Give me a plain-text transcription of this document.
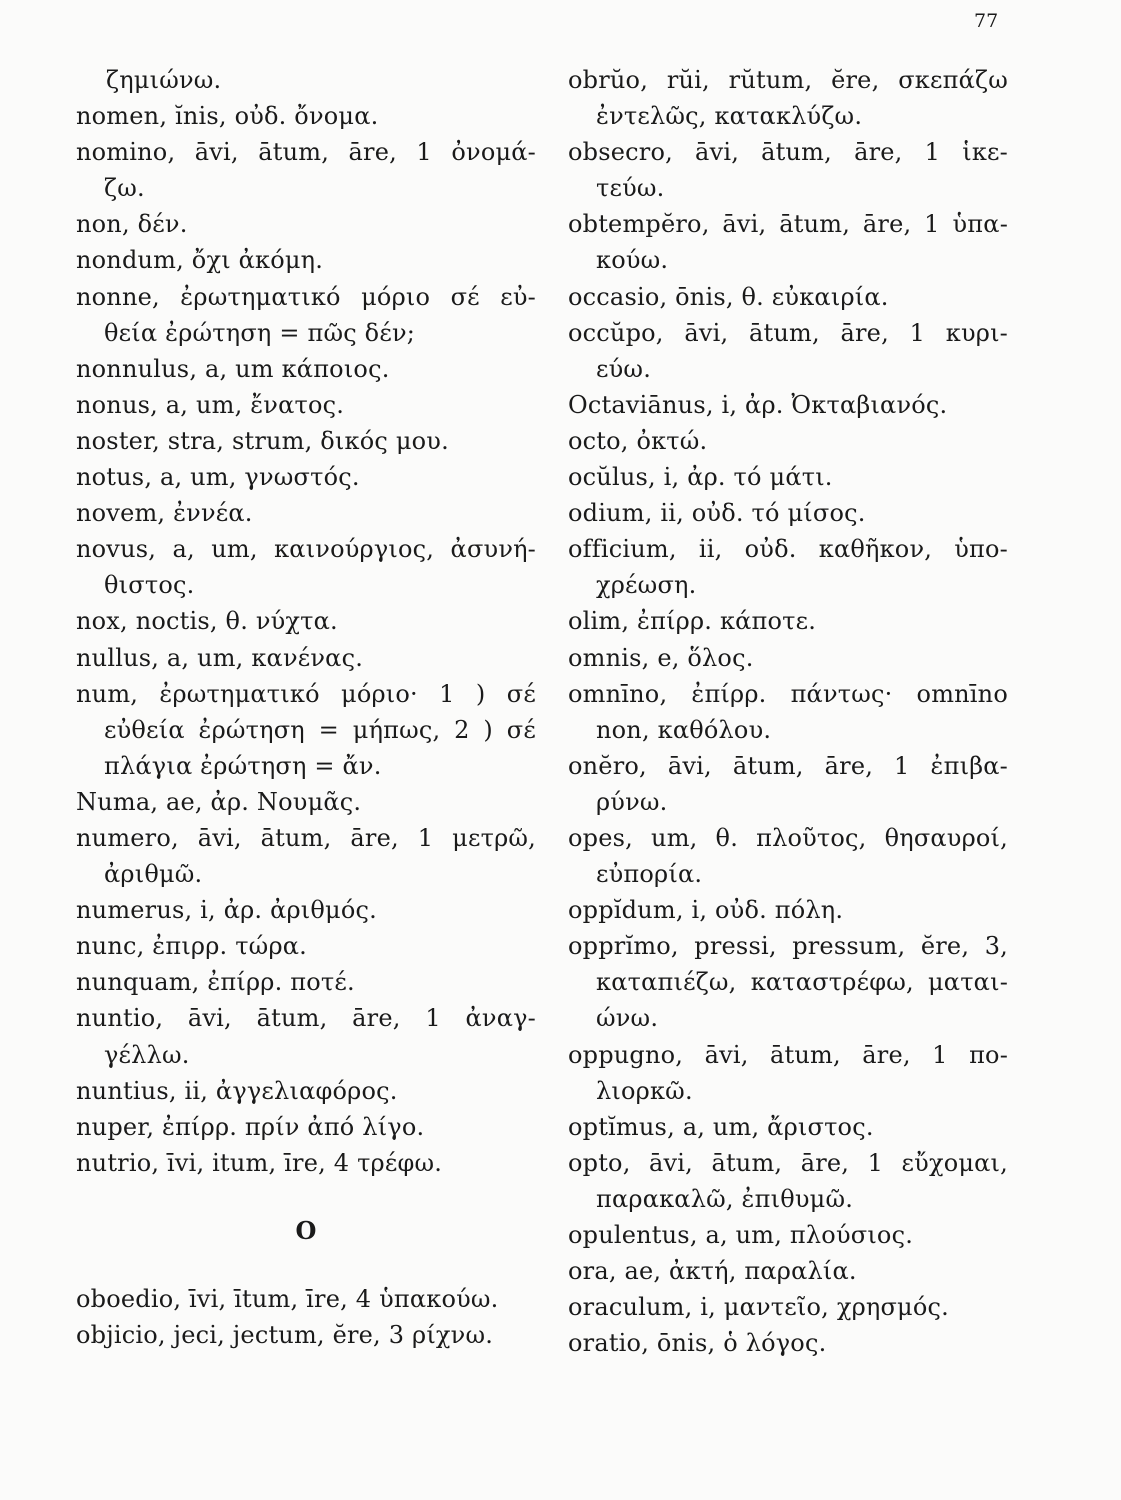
77
ζημιώνω.
nomen, ĭnis, οὐδ. ὄνομα.
nomino, āvi, ātum, āre, 1 ὀνομά-
ζω.
non, δέν.
nondum, ὄχι ἀκόμη.
nonne, ἐρωτηματικό μόριο σέ εὐ-
θεία ἐρώτηση = πῶς δέν;
nonnulus, a, um κάποιος.
nonus, a, um, ἔνατος.
noster, stra, strum, δικός μου.
notus, a, um, γνωστός.
novem, ἐννέα.
novus, a, um, καινούργιος, ἀσυνή-
θιστος.
nox, noctis, θ. νύχτα.
nullus, a, um, κανένας.
num, ἐρωτηματικό μόριο· 1 ) σέ
εὐθεία ἐρώτηση = μήπως, 2 ) σέ
πλάγια ἐρώτηση = ἄν.
Numa, ae, ἀρ. Νουμᾶς.
numero, āvi, ātum, āre, 1 μετρῶ,
ἀριθμῶ.
numerus, i, ἀρ. ἀριθμός.
nunc, ἐπιρρ. τώρα.
nunquam, ἐπίρρ. ποτέ.
nuntio, āvi, ātum, āre, 1 ἀναγ-
γέλλω.
nuntius, ii, ἀγγελιαφόρος.
nuper, ἐπίρρ. πρίν ἀπό λίγο.
nutrio, īvi, itum, īre, 4 τρέφω.
O
oboedio, īvi, ītum, īre, 4 ὑπακούω.
objicio, jeci, jectum, ĕre, 3 ρίχνω.
obrŭo, rŭi, rŭtum, ĕre, σκεπάζω
ἐντελῶς, κατακλύζω.
obsecro, āvi, ātum, āre, 1 ἱκε-
τεύω.
obtempĕro, āvi, ātum, āre, 1 ὑπα-
κούω.
occasio, ōnis, θ. εὐκαιρία.
occŭpo, āvi, ātum, āre, 1 κυρι-
εύω.
Octaviānus, i, ἀρ. Ὀκταβιανός.
octo, ὀκτώ.
ocŭlus, i, ἀρ. τό μάτι.
odium, ii, οὐδ. τό μίσος.
officium, ii, οὐδ. καθῆκον, ὑπο-
χρέωση.
olim, ἐπίρρ. κάποτε.
omnis, e, ὅλος.
omnīno, ἐπίρρ. πάντως· omnīno
non, καθόλου.
onĕro, āvi, ātum, āre, 1 ἐπιβα-
ρύνω.
opes, um, θ. πλοῦτος, θησαυροί,
εὐπορία.
oppĭdum, i, οὐδ. πόλη.
opprĭmo, pressi, pressum, ĕre, 3,
καταπιέζω, καταστρέφω, μαται-
ώνω.
oppugno, āvi, ātum, āre, 1 πο-
λιορκῶ.
optĭmus, a, um, ἄριστος.
opto, āvi, ātum, āre, 1 εὔχομαι,
παρακαλῶ, ἐπιθυμῶ.
opulentus, a, um, πλούσιος.
ora, ae, ἀκτή, παραλία.
oraculum, i, μαντεῖο, χρησμός.
oratio, ōnis, ὁ λόγος.
